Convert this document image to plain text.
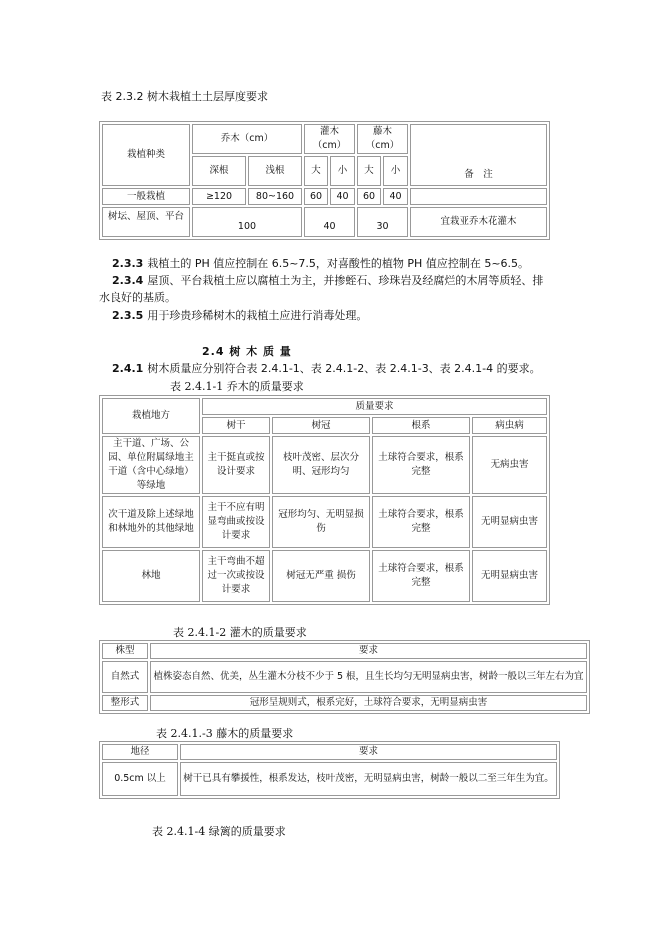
表 2.3.2 树木栽植土土层厚度要求
栽植种类	乔木（cm）		灌木（cm）		藤木（cm）		备　注
	深根	浅根	大	小	大	小	
一般栽植	≥120	80~160	60	40	60	40	
树坛、屋顶、平台	100		40		30		宜栽亚乔木花灌木
2.3.3 栽植土的 PH 值应控制在 6.5~7.5，对喜酸性的植物 PH 值应控制在 5~6.5。
2.3.4 屋顶、平台栽植土应以腐植土为主，并掺蛭石、珍珠岩及经腐烂的木屑等质轻、排
水良好的基质。
2.3.5 用于珍贵珍稀树木的栽植土应进行消毒处理。
2.4 树 木 质 量
2.4.1 树木质量应分别符合表 2.4.1-1、表 2.4.1-2、表 2.4.1-3、表 2.4.1-4 的要求。
表 2.4.1-1 乔木的质量要求
栽植地方	质量要求			
	树干	树冠	根系	病虫病
主干道、广场、公园、单位附属绿地主干道（含中心绿地）等绿地	主干挺直或按设计要求	枝叶茂密、层次分明、冠形均匀	土球符合要求，根系完整	无病虫害
次干道及除上述绿地和林地外的其他绿地	主干不应有明显弯曲或按设计要求	冠形均匀、无明显损伤	土球符合要求，根系完整	无明显病虫害
林地	主干弯曲不超过一次或按设计要求	树冠无严重 损伤	土球符合要求，根系完整	无明显病虫害
表 2.4.1-2 灌木的质量要求
株型	要求
自然式	植株姿态自然、优美，丛生灌木分枝不少于 5 根，且生长均匀无明显病虫害，树龄一般以三年左右为宜
整形式	冠形呈规则式，根系完好，土球符合要求，无明显病虫害
表 2.4.1.-3 藤木的质量要求
地径	要求
0.5cm 以上	树干已具有攀援性，根系发达，枝叶茂密，无明显病虫害，树龄一般以二至三年生为宜。
表 2.4.1-4 绿篱的质量要求
